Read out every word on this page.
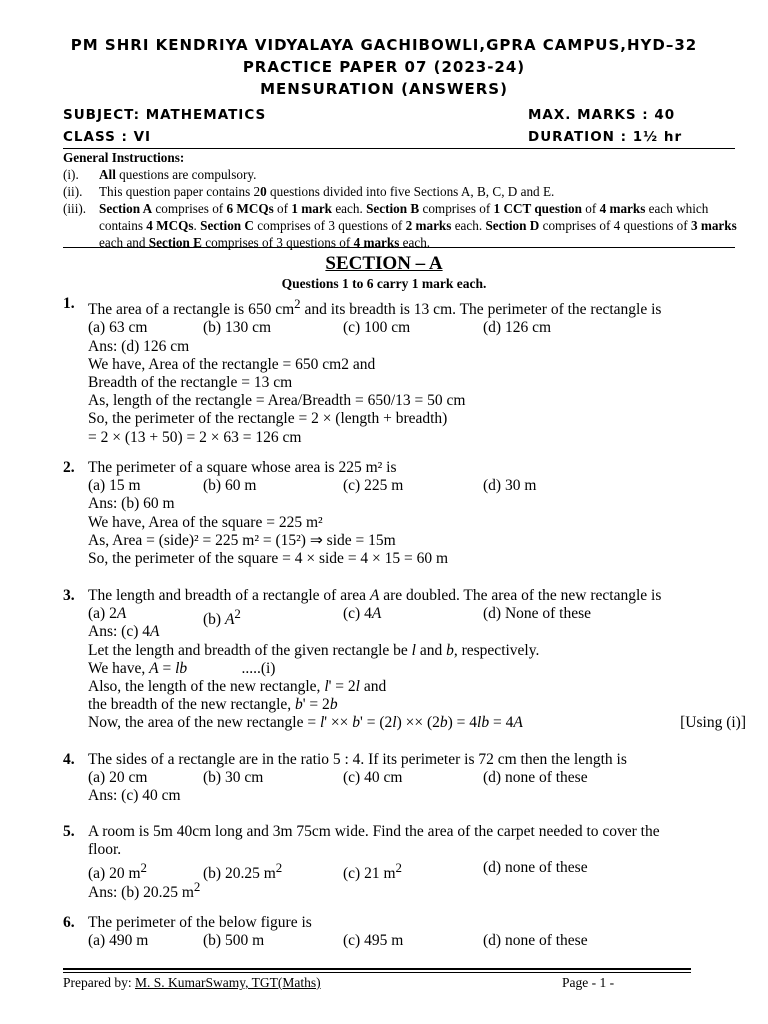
PM SHRI KENDRIYA VIDYALAYA GACHIBOWLI,GPRA CAMPUS,HYD–32
PRACTICE PAPER 07 (2023-24)
MENSURATION (ANSWERS)
SUBJECT: MATHEMATICS	MAX. MARKS : 40
CLASS : VI	DURATION : 1½ hr
General Instructions:
(i).	All questions are compulsory.
(ii).	This question paper contains 20 questions divided into five Sections A, B, C, D and E.
(iii). Section A comprises of 6 MCQs of 1 mark each. Section B comprises of 1 CCT question of 4 marks each which contains 4 MCQs. Section C comprises of 3 questions of 2 marks each. Section D comprises of 4 questions of 3 marks each and Section E comprises of 3 questions of 4 marks each.
SECTION – A
Questions 1 to 6 carry 1 mark each.
1. The area of a rectangle is 650 $cm^2$ and its breadth is 13 cm. The perimeter of the rectangle is
(a) 63 cm	(b) 130 cm	(c) 100 cm	(d) 126 cm
Ans: (d) 126 cm
We have, Area of the rectangle = 650 cm2 and
Breadth of the rectangle = 13 cm
As, length of the rectangle = Area/Breadth = 650/13 = 50 cm
So, the perimeter of the rectangle = 2 × (length + breadth)
= 2 × (13 + 50) = 2 × 63 = 126 cm
2. The perimeter of a square whose area is 225 m² is
(a) 15 m	(b) 60 m	(c) 225 m	(d) 30 m
Ans: (b) 60 m
We have, Area of the square = 225 m²
As, Area = (side)² = 225 m² = (15²) ⇒ side = 15m
So, the perimeter of the square = 4 × side = 4 × 15 = 60 m
3. The length and breadth of a rectangle of area A are doubled. The area of the new rectangle is
(a) 2A	(b) $A^2$	(c) 4A	(d) None of these
Ans: (c) 4A
Let the length and breadth of the given rectangle be l and b, respectively.
We have, A = lb              .....(i)
Also, the length of the new rectangle, l' = 2l and
the breadth of the new rectangle, b' = 2b
Now, the area of the new rectangle = l' ×× b' = (2l) ×× (2b) = 4lb = 4A	[Using (i)]
4. The sides of a rectangle are in the ratio 5 : 4. If its perimeter is 72 cm then the length is
(a) 20 cm	(b) 30 cm	(c) 40 cm	(d) none of these
Ans: (c) 40 cm
5. A room is 5m 40cm long and 3m 75cm wide. Find the area of the carpet needed to cover the
floor.
(a) 20 $m^2$	(b) 20.25 $m^2$	(c) 21 $m^2$	(d) none of these
Ans: (b) 20.25 $m^2$
6. The perimeter of the below figure is
(a) 490 m	(b) 500 m	(c) 495 m	(d) none of these
Prepared by: M. S. KumarSwamy, TGT(Maths)	Page - 1 -
